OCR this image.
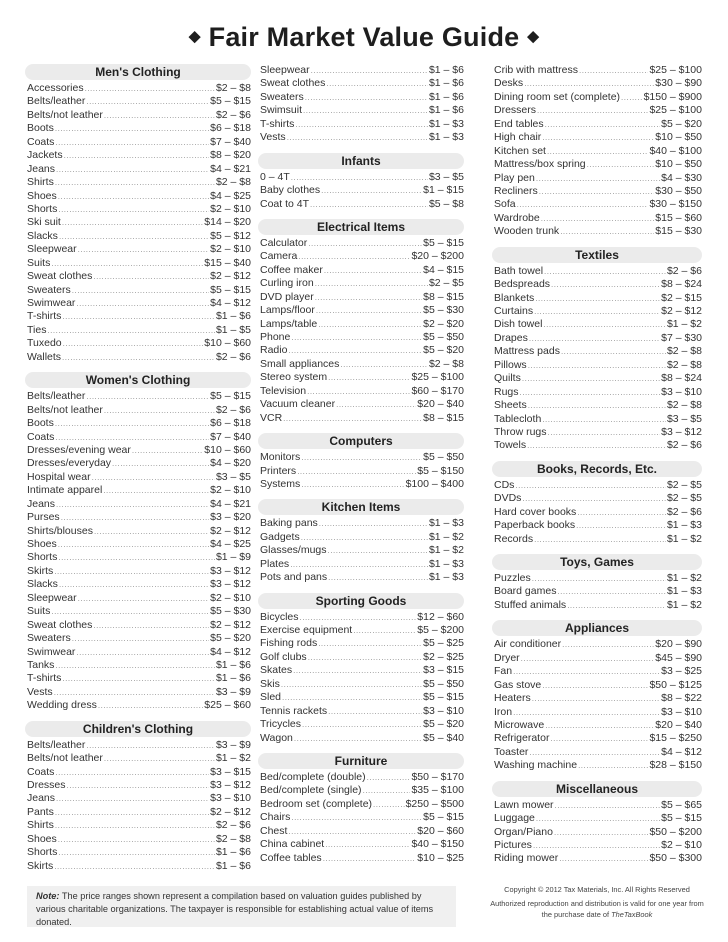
◆ Fair Market Value Guide ◆
Men's Clothing
Accessories .....	$2 – $8
Belts/leather .....	$5 – $15
Belts/not leather .....	$2 – $6
Boots .....	$6 – $18
Coats .....	$7 – $40
Jackets .....	$8 – $20
Jeans .....	$4 – $21
Shirts .....	$2 – $8
Shoes .....	$4 – $25
Shorts .....	$2 – $10
Ski suit .....	$14 – $20
Slacks .....	$5 – $12
Sleepwear .....	$2 – $10
Suits .....	$15 – $40
Sweat clothes .....	$2 – $12
Sweaters .....	$5 – $15
Swimwear .....	$4 – $12
T-shirts .....	$1 – $6
Ties .....	$1 – $5
Tuxedo .....	$10 – $60
Wallets .....	$2 – $6
Women's Clothing
Belts/leather .....	$5 – $15
Belts/not leather .....	$2 – $6
Boots .....	$6 – $18
Coats .....	$7 – $40
Dresses/evening wear .....	$10 – $60
Dresses/everyday .....	$4 – $20
Hospital wear .....	$3 – $5
Intimate apparel .....	$2 – $10
Jeans .....	$4 – $21
Purses .....	$3 – $20
Shirts/blouses .....	$2 – $12
Shoes .....	$4 – $25
Shorts .....	$1 – $9
Skirts .....	$3 – $12
Slacks .....	$3 – $12
Sleepwear .....	$2 – $10
Suits .....	$5 – $30
Sweat clothes .....	$2 – $12
Sweaters .....	$5 – $20
Swimwear .....	$4 – $12
Tanks .....	$1 – $6
T-shirts .....	$1 – $6
Vests .....	$3 – $9
Wedding dress .....	$25 – $60
Children's Clothing
Belts/leather .....	$3 – $9
Belts/not leather .....	$1 – $2
Coats .....	$3 – $15
Dresses .....	$3 – $12
Jeans .....	$3 – $10
Pants .....	$2 – $12
Shirts .....	$2 – $6
Shoes .....	$2 – $8
Shorts .....	$1 – $6
Skirts .....	$1 – $6
Sleepwear .....	$1 – $6
Sweat clothes .....	$1 – $6
Sweaters .....	$1 – $6
Swimsuit .....	$1 – $6
T-shirts .....	$1 – $3
Vests .....	$1 – $3
Infants
0 – 4T .....	$3 – $5
Baby clothes .....	$1 – $15
Coat to 4T .....	$5 – $8
Electrical Items
Calculator .....	$5 – $15
Camera .....	$20 – $200
Coffee maker .....	$4 – $15
Curling iron .....	$2 – $5
DVD player .....	$8 – $15
Lamps/floor .....	$5 – $30
Lamps/table .....	$2 – $20
Phone .....	$5 – $50
Radio .....	$5 – $20
Small appliances .....	$2 – $8
Stereo system .....	$25 – $100
Television .....	$60 – $170
Vacuum cleaner .....	$20 – $40
VCR .....	$8 – $15
Computers
Monitors .....	$5 – $50
Printers .....	$5 – $150
Systems .....	$100 – $400
Kitchen Items
Baking pans .....	$1 – $3
Gadgets .....	$1 – $2
Glasses/mugs .....	$1 – $2
Plates .....	$1 – $3
Pots and pans .....	$1 – $3
Sporting Goods
Bicycles .....	$12 – $60
Exercise equipment .....	$5 – $200
Fishing rods .....	$5 – $25
Golf clubs .....	$2 – $25
Skates .....	$3 – $15
Skis .....	$5 – $50
Sled .....	$5 – $15
Tennis rackets .....	$3 – $10
Tricycles .....	$5 – $20
Wagon .....	$5 – $40
Furniture
Bed/complete (double) .....	$50 – $170
Bed/complete (single) .....	$35 – $100
Bedroom set (complete) .....	$250 – $500
Chairs .....	$5 – $15
Chest .....	$20 – $60
China cabinet .....	$40 – $150
Coffee tables .....	$10 – $25
Crib with mattress .....	$25 – $100
Desks .....	$30 – $90
Dining room set (complete) ..... $150 – $900
Dressers .....	$25 – $100
End tables .....	$5 – $20
High chair .....	$10 – $50
Kitchen set .....	$40 – $100
Mattress/box spring .....	$10 – $50
Play pen .....	$4 – $30
Recliners .....	$30 – $50
Sofa .....	$30 – $150
Wardrobe .....	$15 – $60
Wooden trunk .....	$15 – $30
Textiles
Bath towel .....	$2 – $6
Bedspreads .....	$8 – $24
Blankets .....	$2 – $15
Curtains .....	$2 – $12
Dish towel .....	$1 – $2
Drapes .....	$7 – $30
Mattress pads .....	$2 – $8
Pillows .....	$2 – $8
Quilts .....	$8 – $24
Rugs .....	$3 – $10
Sheets .....	$2 – $8
Tablecloth .....	$3 – $5
Throw rugs .....	$3 – $12
Towels .....	$2 – $6
Books, Records, Etc.
CDs .....	$2 – $5
DVDs .....	$2 – $5
Hard cover books .....	$2 – $6
Paperback books .....	$1 – $3
Records .....	$1 – $2
Toys, Games
Puzzles .....	$1 – $2
Board games .....	$1 – $3
Stuffed animals .....	$1 – $2
Appliances
Air conditioner .....	$20 – $90
Dryer .....	$45 – $90
Fan .....	$3 – $25
Gas stove .....	$50 – $125
Heaters .....	$8 – $22
Iron .....	$3 – $10
Microwave .....	$20 – $40
Refrigerator .....	$15 – $250
Toaster .....	$4 – $12
Washing machine .....	$28 – $150
Miscellaneous
Lawn mower .....	$5 – $65
Luggage .....	$5 – $15
Organ/Piano .....	$50 – $200
Pictures .....	$2 – $10
Riding mower .....	$50 – $300
Note: The price ranges shown represent a compilation based on valuation guides published by various charitable organizations. The taxpayer is responsible for establishing actual value of items donated.
Copyright © 2012 Tax Materials, Inc. All Rights Reserved
Authorized reproduction and distribution is valid for one year from the purchase date of TheTaxBook
